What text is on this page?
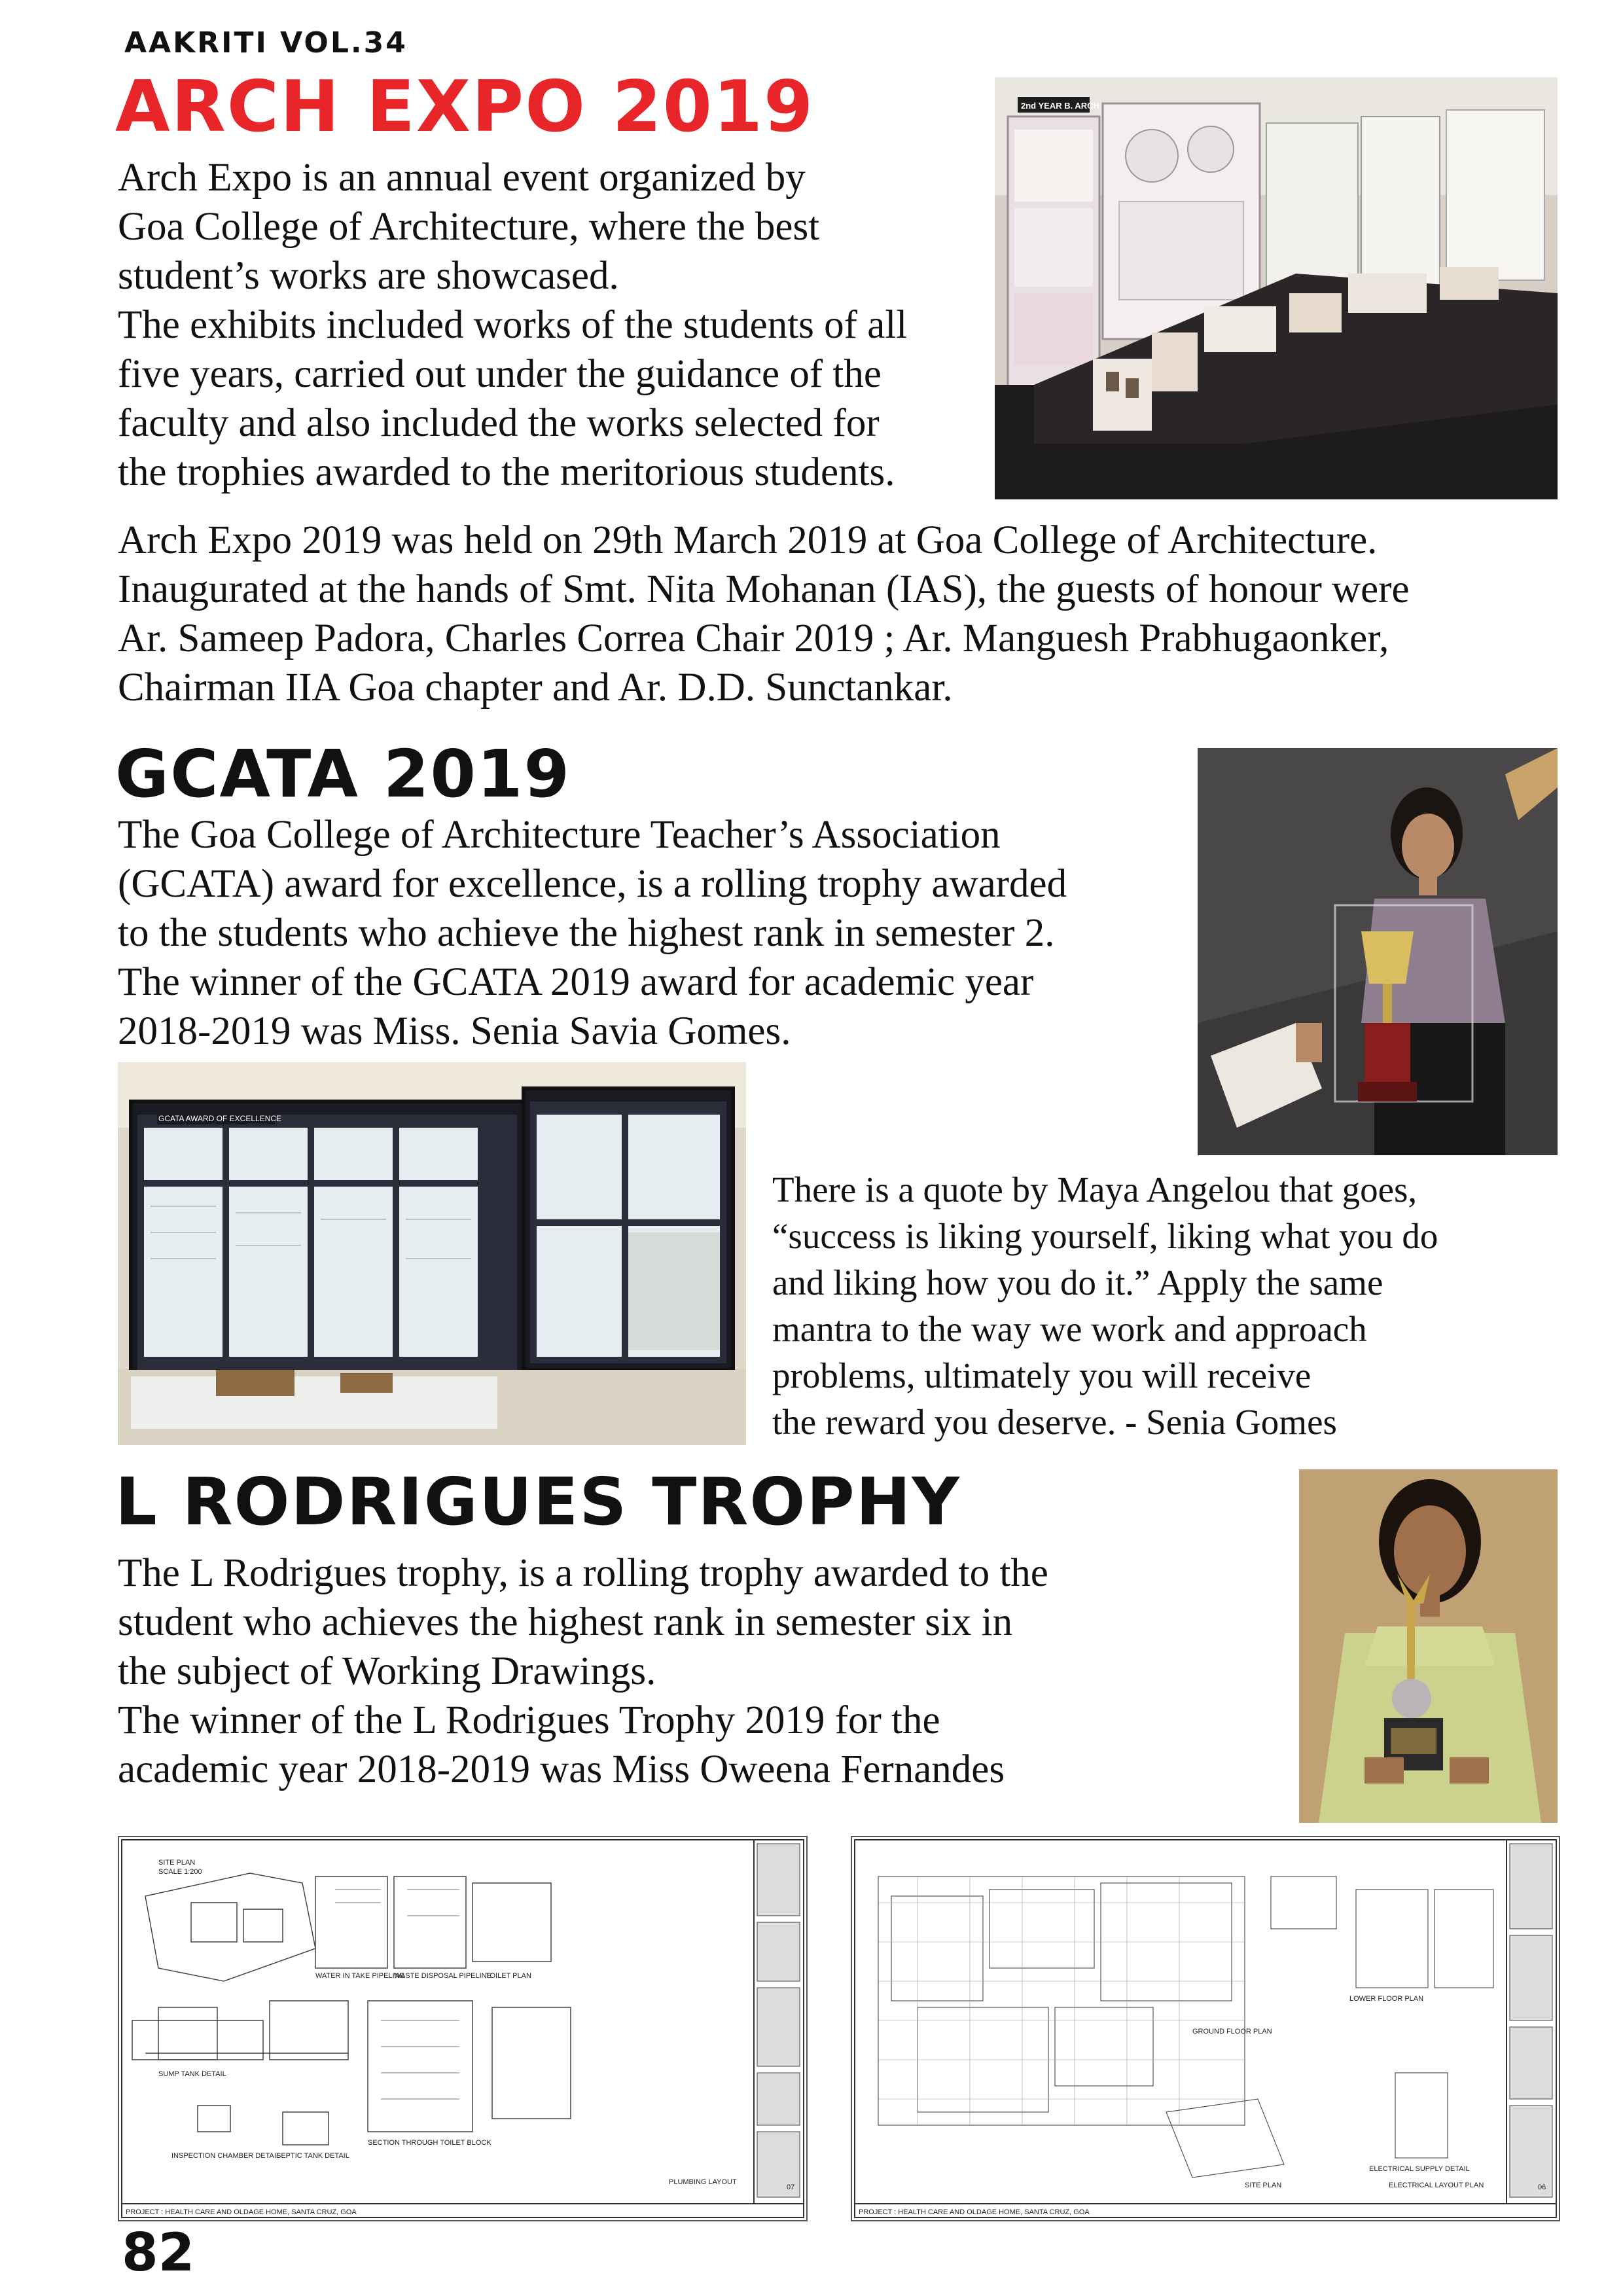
AAKRITI VOL.34
ARCH EXPO 2019

Arch Expo is an annual event organized by

Goa College of Architecture, where the best

student’s works are showcased.

The exhibits included works of the students of all

five years, carried out under the guidance of the

faculty and also included the works selected for

the trophies awarded to the meritorious students.

2nd YEAR B. ARCH

Arch Expo 2019 was held on 29th March 2019 at Goa College of Architecture.

Inaugurated at the hands of Smt. Nita Mohanan (IAS), the guests of honour were

Ar. Sameep Padora, Charles Correa Chair 2019 ; Ar. Manguesh Prabhugaonker,

Chairman IIA Goa chapter and Ar. D.D. Sunctankar.

GCATA 2019

The Goa College of Architecture Teacher’s Association

(GCATA) award for excellence, is a rolling trophy awarded

to the students who achieve the highest rank in semester 2.

The winner of the GCATA 2019 award for academic year

2018-2019 was Miss. Senia Savia Gomes.

GCATA AWARD OF EXCELLENCE

There is a quote by Maya Angelou that goes,

“success is liking yourself, liking what you do

and liking how you do it.” Apply the same

mantra to the way we work and approach

problems, ultimately you will receive

the reward you deserve. - Senia Gomes

L RODRIGUES TROPHY

The L Rodrigues trophy, is a rolling trophy awarded to the

student who achieves the highest rank in semester six in

the subject of Working Drawings.

The winner of the L Rodrigues Trophy 2019 for the

academic year 2018-2019 was Miss Oweena Fernandes

SITE PLAN
SCALE 1:200
WATER IN TAKE PIPELINE
WASTE DISPOSAL PIPELINE
TOILET PLAN
SUMP TANK DETAIL
SECTION THROUGH TOILET BLOCK
INSPECTION CHAMBER DETAIL
SEPTIC TANK DETAIL
PLUMBING LAYOUT
PROJECT : HEALTH CARE AND OLDAGE HOME, SANTA CRUZ, GOA
07
GROUND FLOOR PLAN
LOWER FLOOR PLAN
SITE PLAN
ELECTRICAL SUPPLY DETAIL
ELECTRICAL LAYOUT PLAN
PROJECT : HEALTH CARE AND OLDAGE HOME, SANTA CRUZ, GOA
06
82
